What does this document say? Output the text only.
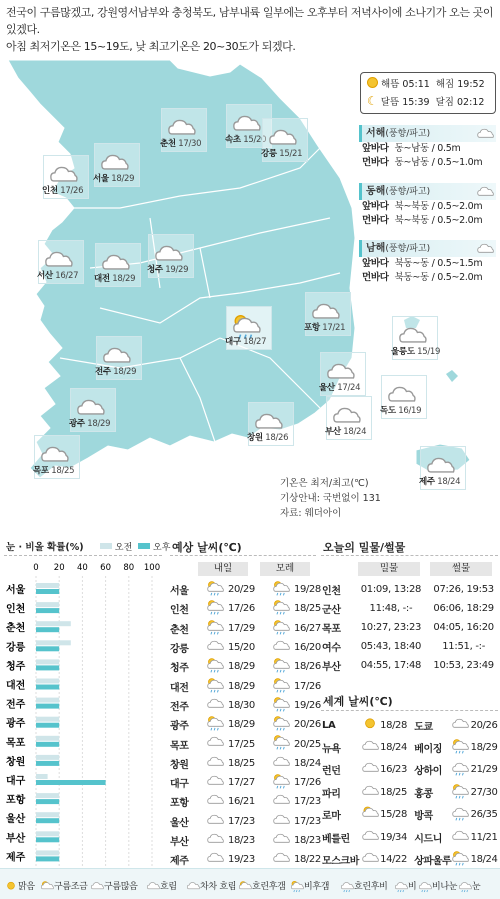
전국이 구름많겠고, 강원영서남부와 충청북도, 남부내륙 일부에는 오후부터 저녁사이에 소나기가 오는 곳이 있겠다.
아침 최저기온은 15~19도, 낮 최고기온은 20~30도가 되겠다.
속초 15/20
춘천 17/30
강릉 15/21
서울 18/29
인천 17/26
청주 19/29
서산 16/27 대전 18/29
대구 18/27
포항 17/21
전주 18/29
울릉도 15/19
울산 17/24
독도 16/19
광주 18/29
창원 18/26
부산 18/24
목포 18/25
제주 18/24
해뜸 05:11 해짐 19:52
☾ 달뜸 15:39 달짐 02:12
서해(풍향/파고)
앞바다 동~남동 / 0.5m
먼바다 동~남동 / 0.5~1.0m
동해(풍향/파고)
앞바다 북~북동 / 0.5~2.0m
먼바다 북~북동 / 0.5~2.0m
남해(풍향/파고)
앞바다 북동~동 / 0.5~1.5m
먼바다 북동~동 / 0.5~2.0m
기온은 최저/최고(℃)
기상안내: 국번없이 131
자료: 웨더아이
눈 · 비올 확률(%)	오전 오후
0 20 40 60 80 100
서울
인천
춘천
강릉
청주
대전
전주
광주
목포
창원
대구
포항
울산
부산
제주
예상 날씨(℃)
내일	모레
서울		20/29		19/28
인천		17/26		18/25
춘천		17/29		16/27
강릉		15/20		16/20
청주		18/29		18/26
대전		18/29		17/26
전주		18/30		19/26
광주		18/29		20/26
목포		17/25		20/25
창원		18/25		18/24
대구		17/27		17/26
포항		16/21		17/23
울산		17/23		17/23
부산		18/23		18/23
제주		19/23		18/22
오늘의 밀물/썰물
밀물	썰물
인천	01:09, 13:28	07:26, 19:53
군산	11:48, -:-	06:06, 18:29
목포	10:27, 23:23	04:05, 16:20
여수	05:43, 18:40	11:51, -:-
부산	04:55, 17:48	10:53, 23:49
세계 날씨(℃)
LA		18/28	도쿄		20/26
뉴욕		18/24	베이징		18/29
런던		16/23	상하이		21/29
파리		18/25	홍콩		27/30
로마		15/28	방콕		26/35
베를린		19/34	시드니		11/21
모스크바		14/22	상파울루		18/24
맑음	구름조금	구름많음	흐림	차차 흐림	흐린후갬	비후갬	흐린후비	비	비나눈	눈
